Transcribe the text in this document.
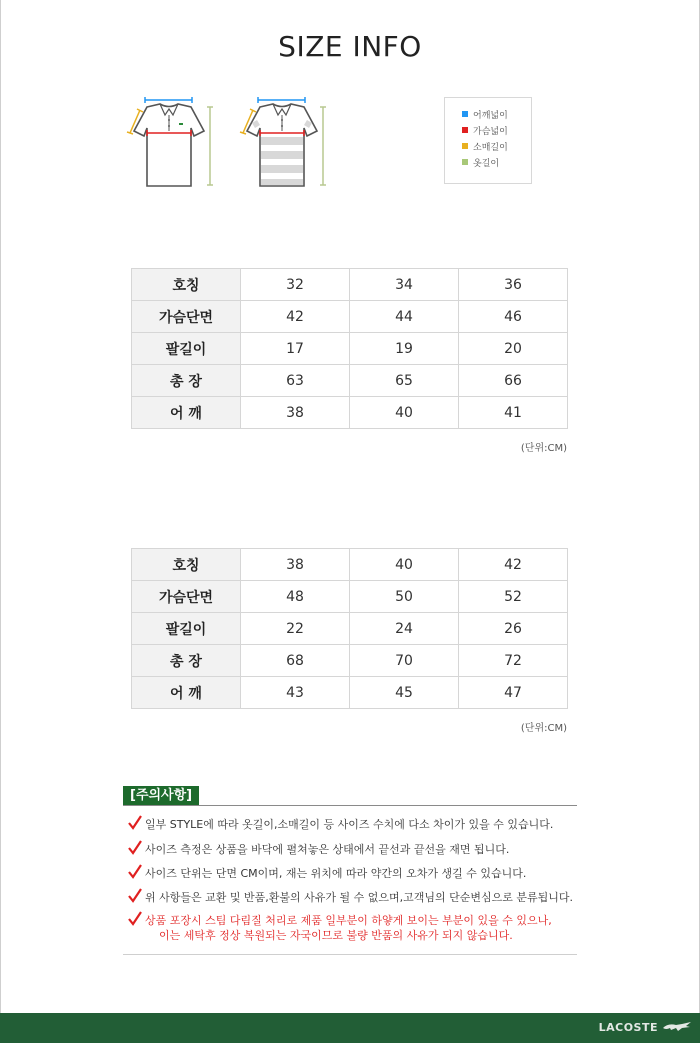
SIZE INFO
어깨넓이
가슴넓이
소매길이
옷길이
호칭	32	34	36
가슴단면	42	44	46
팔길이	17	19	20
총 장	63	65	66
어 깨	38	40	41
(단위:CM)
호칭	38	40	42
가슴단면	48	50	52
팔길이	22	24	26
총 장	68	70	72
어 깨	43	45	47
(단위:CM)
[주의사항]
일부 STYLE에 따라 옷길이,소매길이 등 사이즈 수치에 다소 차이가 있을 수 있습니다.
사이즈 측정은 상품을 바닥에 펼쳐놓은 상태에서 끝선과 끝선을 재면 됩니다.
사이즈 단위는 단면 CM이며, 재는 위치에 따라 약간의 오차가 생길 수 있습니다.
위 사항들은 교환 및 반품,환불의 사유가 될 수 없으며,고객님의 단순변심으로 분류됩니다.
상품 포장시 스팀 다림질 처리로 제품 일부분이 하얗게 보이는 부분이 있을 수 있으나,
이는 세탁후 정상 복원되는 자국이므로 불량 반품의 사유가 되지 않습니다.
LACOSTE
